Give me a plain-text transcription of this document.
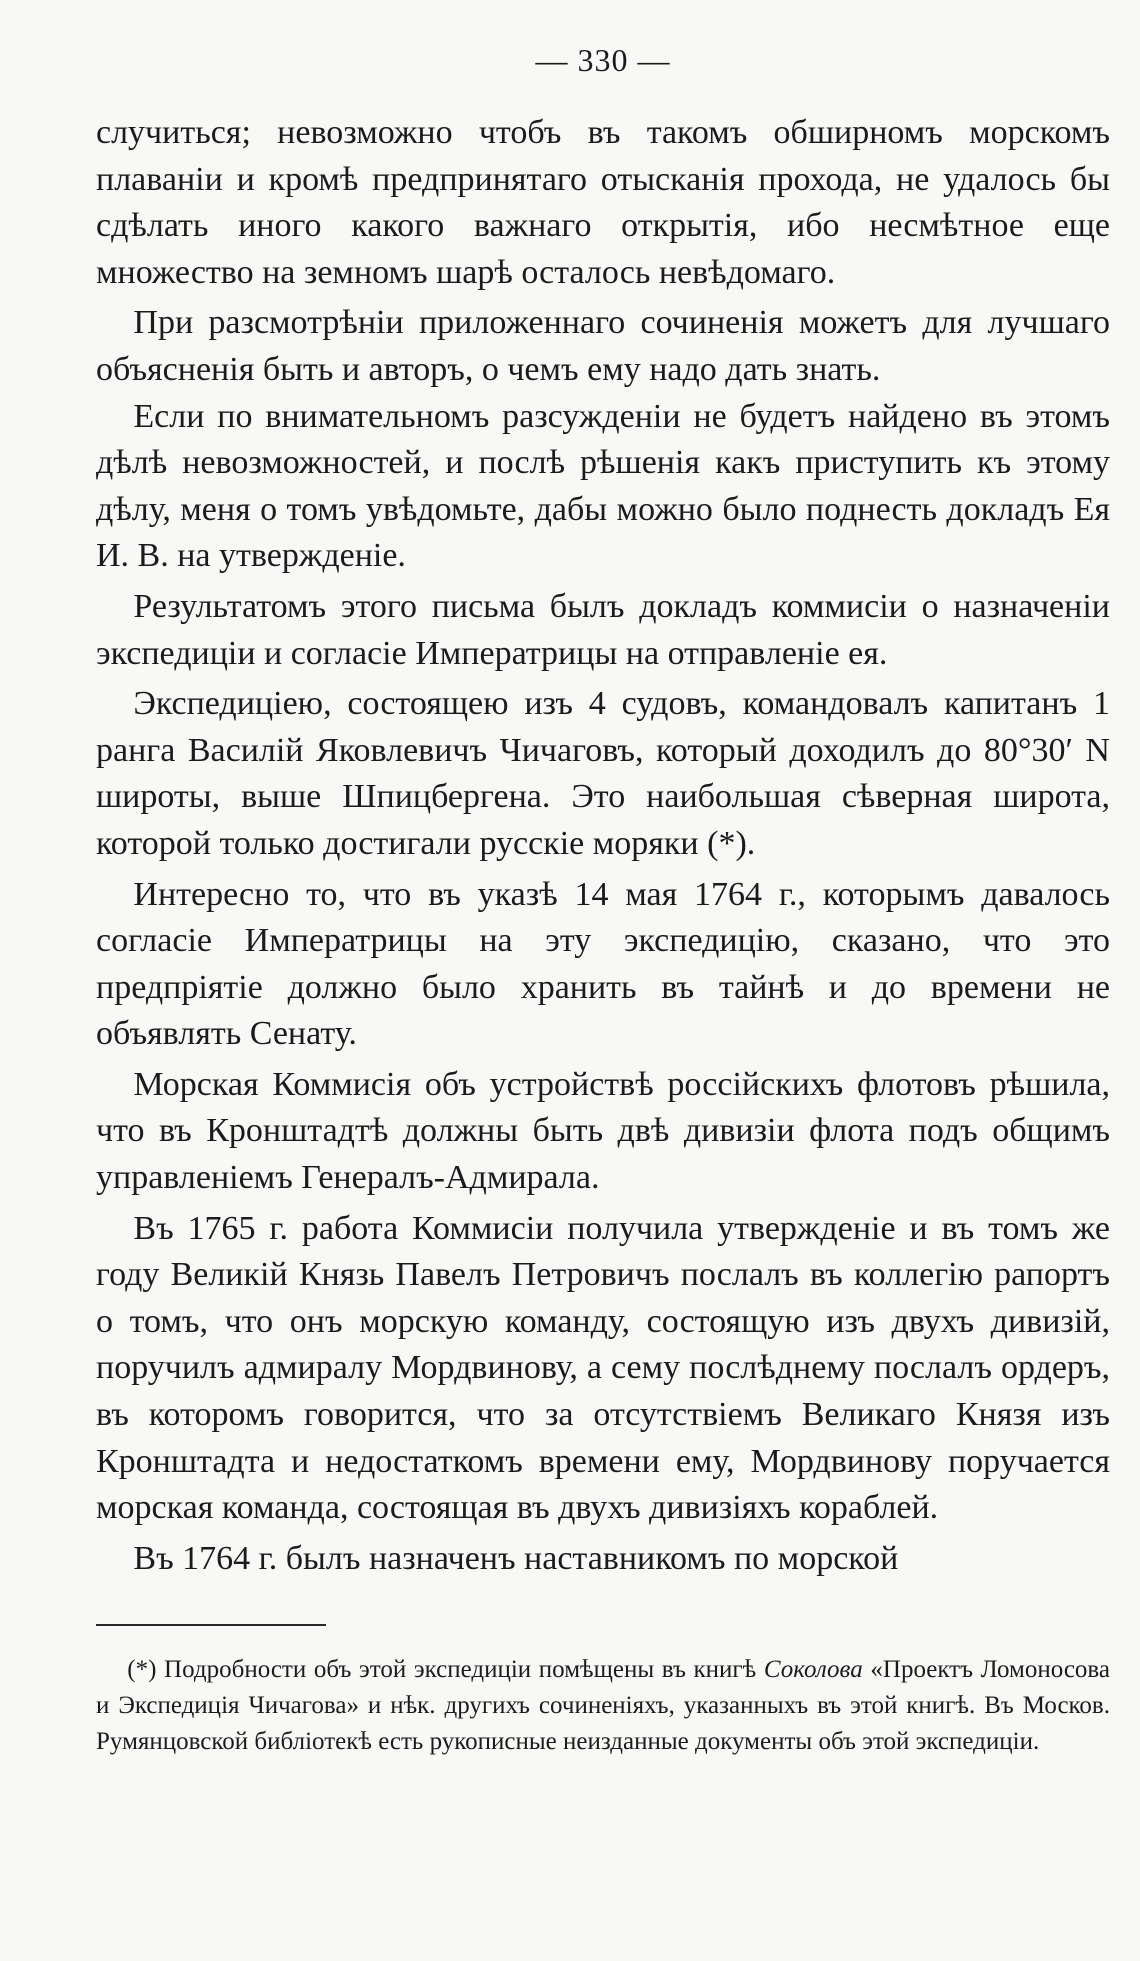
— 330 —

случиться; невозможно чтобъ въ такомъ обширномъ морскомъ плаванiи и кромѣ предпринятаго отысканiя прохода, не удалось бы сдѣлать иного какого важнаго открытiя, ибо несмѣтное еще множество на земномъ шарѣ осталось невѣдомаго.

При разсмотрѣнiи приложеннаго сочиненiя можетъ для лучшаго объясненiя быть и авторъ, о чемъ ему надо дать знать.

Если по внимательномъ разсужденiи не будетъ найдено въ этомъ дѣлѣ невозможностей, и послѣ рѣшенiя какъ приступить къ этому дѣлу, меня о томъ увѣдомьте, дабы можно было поднесть докладъ Ея И. В. на утвержденiе.

Результатомъ этого письма былъ докладъ коммисiи о назначенiи экспедицiи и согласiе Императрицы на отправленiе ея.

Экспедицiею, состоящею изъ 4 судовъ, командовалъ капитанъ 1 ранга Василiй Яковлевичъ Чичаговъ, который доходилъ до 80°30′ N широты, выше Шпицбергена. Это наибольшая сѣверная широта, которой только достигали русскiе моряки (*).

Интересно то, что въ указѣ 14 мая 1764 г., которымъ давалось согласiе Императрицы на эту экспедицiю, сказано, что это предпрiятiе должно было хранить въ тайнѣ и до времени не объявлять Сенату.

Морская Коммисiя объ устройствѣ россiйскихъ флотовъ рѣшила, что въ Кронштадтѣ должны быть двѣ дивизiи флота подъ общимъ управленiемъ Генералъ-Адмирала.

Въ 1765 г. работа Коммисiи получила утвержденiе и въ томъ же году Великiй Князь Павелъ Петровичъ послалъ въ коллегiю рапортъ о томъ, что онъ морскую команду, состоящую изъ двухъ дивизiй, поручилъ адмиралу Мордвинову, а сему послѣднему послалъ ордеръ, въ которомъ говорится, что за отсутствiемъ Великаго Князя изъ Кронштадта и недостаткомъ времени ему, Мордвинову поручается морская команда, состоящая въ двухъ дивизiяхъ кораблей.

Въ 1764 г. былъ назначенъ наставникомъ по морской

(*) Подробности объ этой экспедицiи помѣщены въ книгѣ Соколова «Проектъ Ломоносова и Экспедицiя Чичагова» и нѣк. другихъ сочиненiяхъ, указанныхъ въ этой книгѣ. Въ Москов. Румянцовской библiотекѣ есть рукописные неизданные документы объ этой экспедицiи.
